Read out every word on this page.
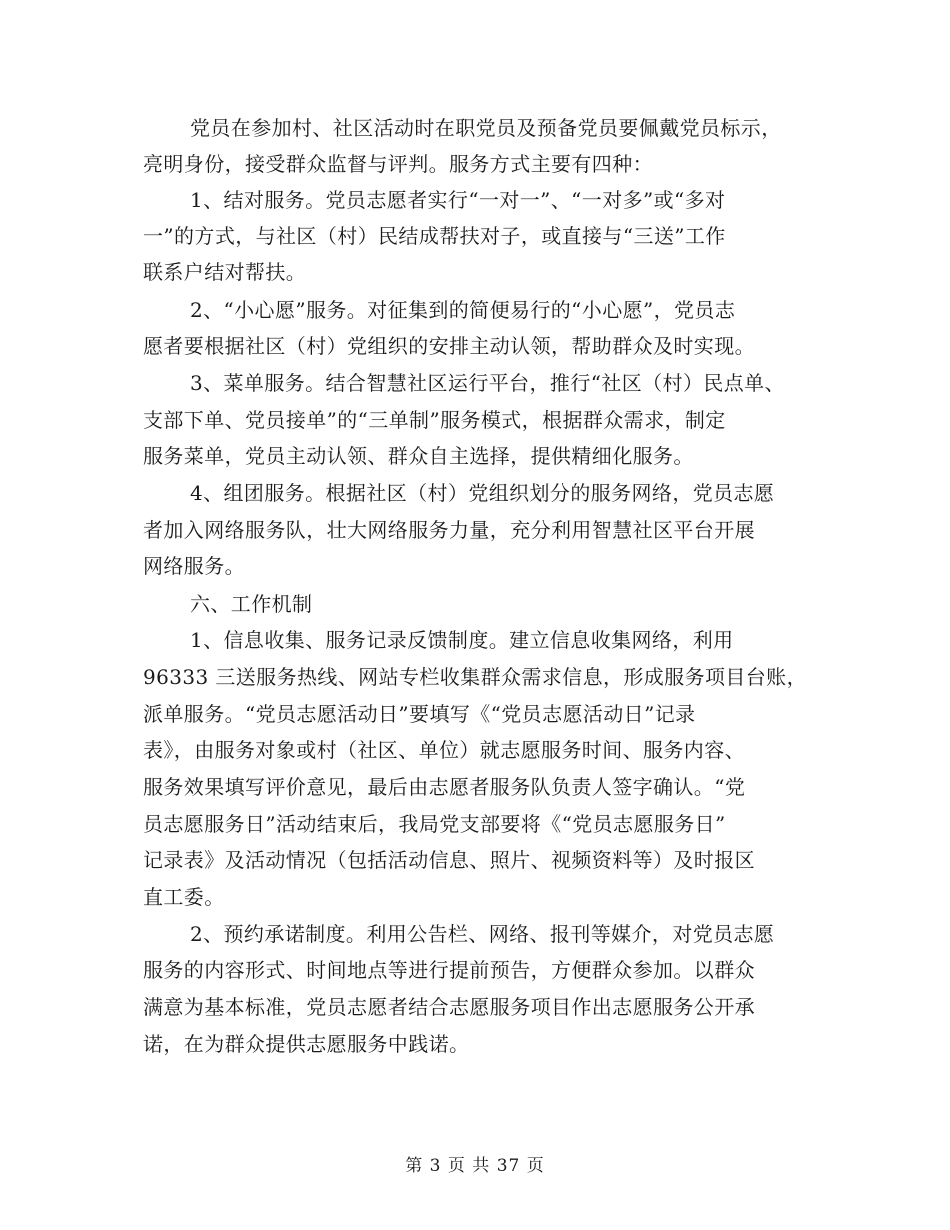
党员在参加村、社区活动时在职党员及预备党员要佩戴党员标示，
亮明身份，接受群众监督与评判。服务方式主要有四种：
1、结对服务。党员志愿者实行“一对一”、“一对多”或“多对
一”的方式，与社区（村）民结成帮扶对子，或直接与“三送”工作
联系户结对帮扶。
2、“小心愿”服务。对征集到的简便易行的“小心愿”，党员志
愿者要根据社区（村）党组织的安排主动认领，帮助群众及时实现。
3、菜单服务。结合智慧社区运行平台，推行“社区（村）民点单、
支部下单、党员接单”的“三单制”服务模式，根据群众需求，制定
服务菜单，党员主动认领、群众自主选择，提供精细化服务。
4、组团服务。根据社区（村）党组织划分的服务网络，党员志愿
者加入网络服务队，壮大网络服务力量，充分利用智慧社区平台开展
网络服务。
六、工作机制
1、信息收集、服务记录反馈制度。建立信息收集网络，利用
96333 三送服务热线、网站专栏收集群众需求信息，形成服务项目台账，
派单服务。“党员志愿活动日”要填写《“党员志愿活动日”记录
表》，由服务对象或村（社区、单位）就志愿服务时间、服务内容、
服务效果填写评价意见，最后由志愿者服务队负责人签字确认。“党
员志愿服务日”活动结束后，我局党支部要将《“党员志愿服务日”
记录表》及活动情况（包括活动信息、照片、视频资料等）及时报区
直工委。
2、预约承诺制度。利用公告栏、网络、报刊等媒介，对党员志愿
服务的内容形式、时间地点等进行提前预告，方便群众参加。以群众
满意为基本标准，党员志愿者结合志愿服务项目作出志愿服务公开承
诺，在为群众提供志愿服务中践诺。
第 3 页 共 37 页
